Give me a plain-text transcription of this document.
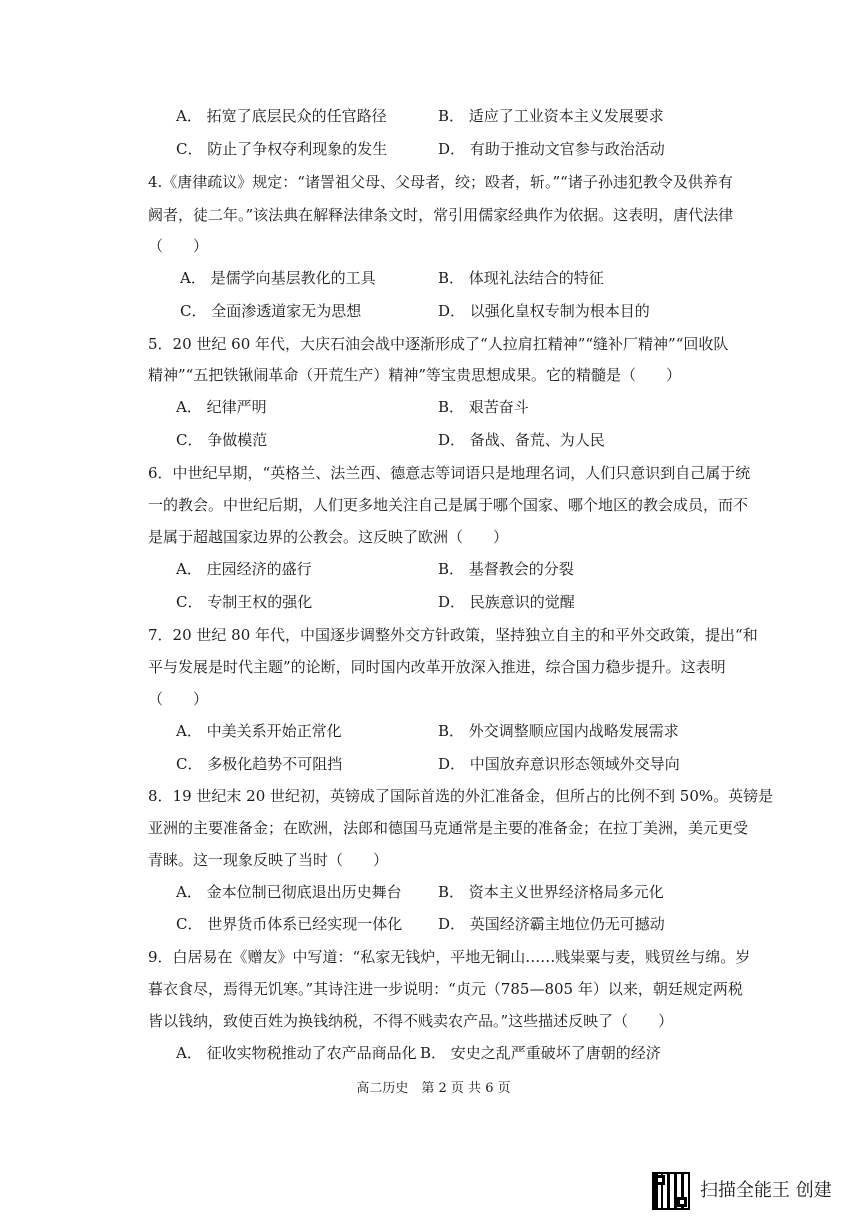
A． 拓宽了底层民众的任官路径	B． 适应了工业资本主义发展要求
C． 防止了争权夺利现象的发生	D． 有助于推动文官参与政治活动
4.《唐律疏议》规定：“诸詈祖父母、父母者，绞；殴者，斩。”“诸子孙违犯教令及供养有
阙者，徒二年。”该法典在解释法律条文时，常引用儒家经典作为依据。这表明，唐代法律
（　　）
A． 是儒学向基层教化的工具	B． 体现礼法结合的特征
C． 全面渗透道家无为思想	D． 以强化皇权专制为根本目的
5．20 世纪 60 年代，大庆石油会战中逐渐形成了“人拉肩扛精神”“缝补厂精神”“回收队
精神”“五把铁锹闹革命（开荒生产）精神”等宝贵思想成果。它的精髓是（　　）
A． 纪律严明	B． 艰苦奋斗
C． 争做模范	D． 备战、备荒、为人民
6．中世纪早期，“英格兰、法兰西、德意志等词语只是地理名词，人们只意识到自己属于统
一的教会。中世纪后期，人们更多地关注自己是属于哪个国家、哪个地区的教会成员，而不
是属于超越国家边界的公教会。这反映了欧洲（　　）
A． 庄园经济的盛行	B． 基督教会的分裂
C． 专制王权的强化	D． 民族意识的觉醒
7．20 世纪 80 年代，中国逐步调整外交方针政策，坚持独立自主的和平外交政策，提出“和
平与发展是时代主题”的论断，同时国内改革开放深入推进，综合国力稳步提升。这表明
（　　）
A． 中美关系开始正常化	B． 外交调整顺应国内战略发展需求
C． 多极化趋势不可阻挡	D． 中国放弃意识形态领域外交导向
8．19 世纪末 20 世纪初，英镑成了国际首选的外汇准备金，但所占的比例不到 50%。英镑是
亚洲的主要准备金；在欧洲，法郎和德国马克通常是主要的准备金；在拉丁美洲，美元更受
青睐。这一现象反映了当时（　　）
A． 金本位制已彻底退出历史舞台 B． 资本主义世界经济格局多元化
C． 世界货币体系已经实现一体化 D． 英国经济霸主地位仍无可撼动
9．白居易在《赠友》中写道：“私家无钱炉，平地无铜山……贱粜粟与麦，贱贸丝与绵。岁
暮衣食尽，焉得无饥寒。”其诗注进一步说明：“贞元（785—805 年）以来，朝廷规定两税
皆以钱纳，致使百姓为换钱纳税，不得不贱卖农产品。”这些描述反映了（　　）
A． 征收实物税推动了农产品商品化 B． 安史之乱严重破坏了唐朝的经济
高二历史　第 2 页 共 6 页
扫描全能王 创建
